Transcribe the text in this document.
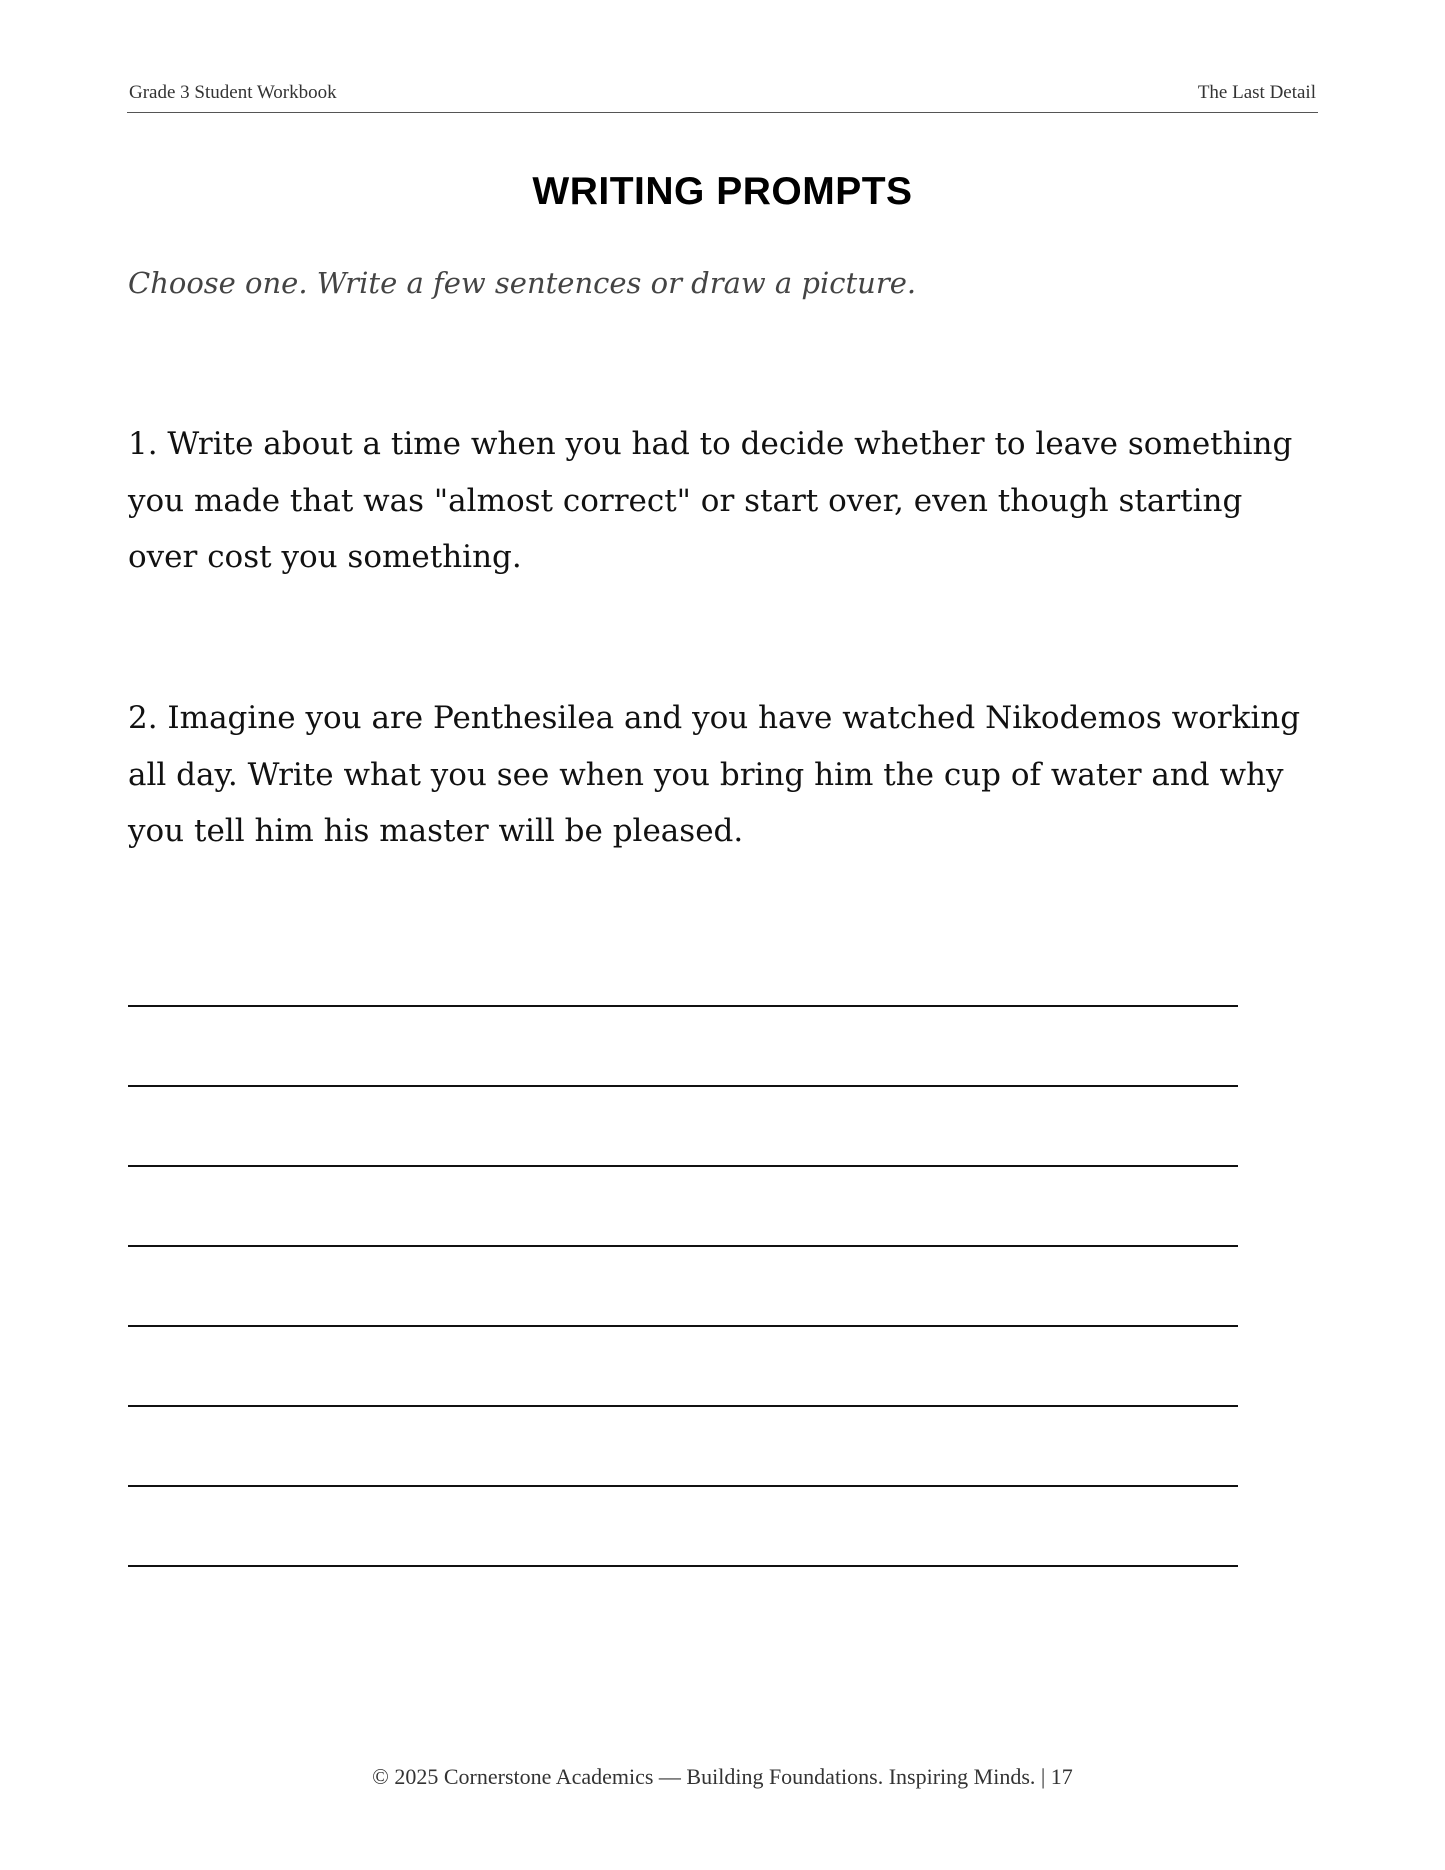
Grade 3 Student Workbook	The Last Detail
WRITING PROMPTS
Choose one. Write a few sentences or draw a picture.
1. Write about a time when you had to decide whether to leave something you made that was "almost correct" or start over, even though starting over cost you something.
2. Imagine you are Penthesilea and you have watched Nikodemos working all day. Write what you see when you bring him the cup of water and why you tell him his master will be pleased.
© 2025 Cornerstone Academics — Building Foundations. Inspiring Minds. | 17
